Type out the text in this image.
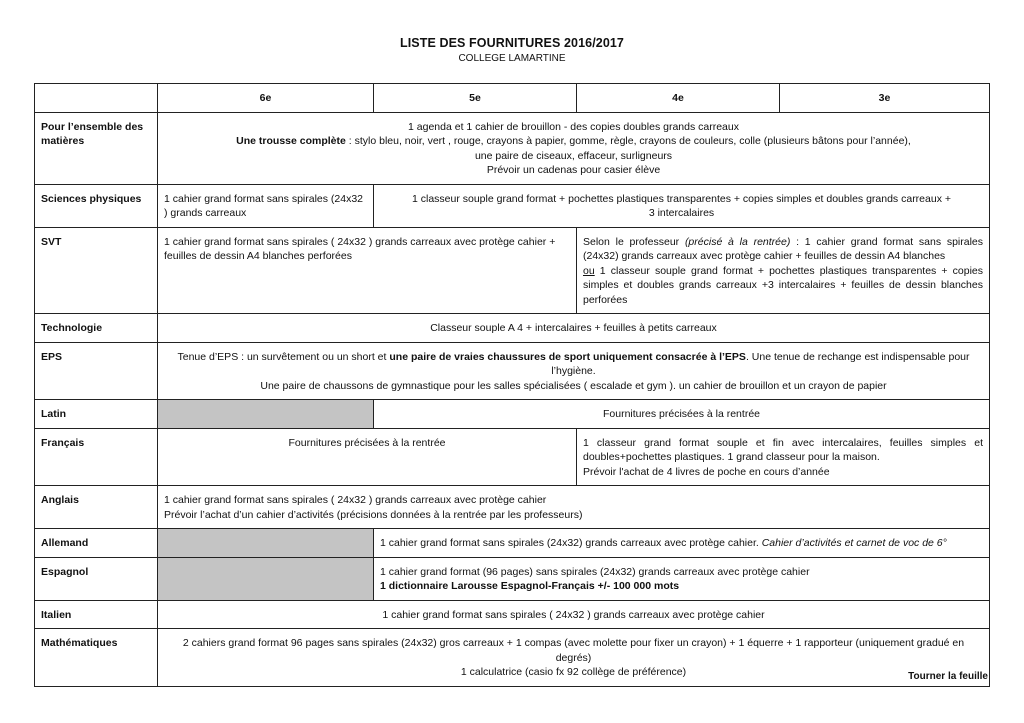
LISTE DES FOURNITURES 2016/2017
COLLEGE LAMARTINE
	6e	5e	4e	3e
Pour l’ensemble des matières	1 agenda et 1 cahier de brouillon - des copies doubles grands carreaux
Une trousse complète : stylo bleu, noir, vert , rouge, crayons à papier, gomme, règle, crayons de couleurs, colle (plusieurs bâtons pour l’année),
une paire de ciseaux, effaceur, surligneurs
Prévoir un cadenas pour casier élève			

Sciences physiques	1 cahier grand format sans spirales (24x32 ) grands carreaux	1 classeur souple grand format + pochettes plastiques transparentes + copies simples et doubles grands carreaux +
3 intercalaires		

SVT	1 cahier grand format sans spirales ( 24x32 ) grands carreaux avec protège cahier + feuilles de dessin A4 blanches perforées		Selon le professeur (précisé à la rentrée) : 1 cahier grand format sans spirales (24x32) grands carreaux avec protège cahier + feuilles de dessin A4 blanches
ou 1 classeur souple grand format + pochettes plastiques transparentes + copies simples et doubles grands carreaux +3 intercalaires + feuilles de dessin blanches perforées	
Technologie	Classeur souple A 4 + intercalaires + feuilles à petits carreaux			
EPS	Tenue d’EPS : un survêtement ou un short et une paire de vraies chaussures de sport uniquement consacrée à l’EPS. Une tenue de rechange est indispensable pour l’hygiène.
Une paire de chaussons de gymnastique pour les salles spécialisées ( escalade et gym ). un cahier de brouillon et un crayon de papier			

Latin		Fournitures précisées à la rentrée		
Français	Fournitures précisées à la rentrée		1 classeur grand format souple et fin avec intercalaires, feuilles simples et doubles+pochettes plastiques. 1 grand classeur pour la maison.
Prévoir l'achat de 4 livres de poche en cours d’année	

Anglais	1 cahier grand format sans spirales ( 24x32 ) grands carreaux avec protège cahier
Prévoir l’achat d’un cahier d’activités (précisions données à la rentrée par les professeurs)			

Allemand		1 cahier grand format sans spirales (24x32) grands carreaux avec protège cahier. Cahier d’activités et carnet de voc de 6°		
Espagnol		1 cahier grand format (96 pages) sans spirales (24x32) grands carreaux avec protège cahier
1 dictionnaire Larousse Espagnol-Français +/- 100 000 mots		

Italien	1 cahier grand format sans spirales ( 24x32 ) grands carreaux avec protège cahier			
Mathématiques	2 cahiers grand format 96 pages sans spirales (24x32) gros carreaux + 1 compas (avec molette pour fixer un crayon) + 1 équerre + 1 rapporteur (uniquement gradué en degrés)
1 calculatrice (casio fx 92 collège de préférence)				Tourner la feuille
